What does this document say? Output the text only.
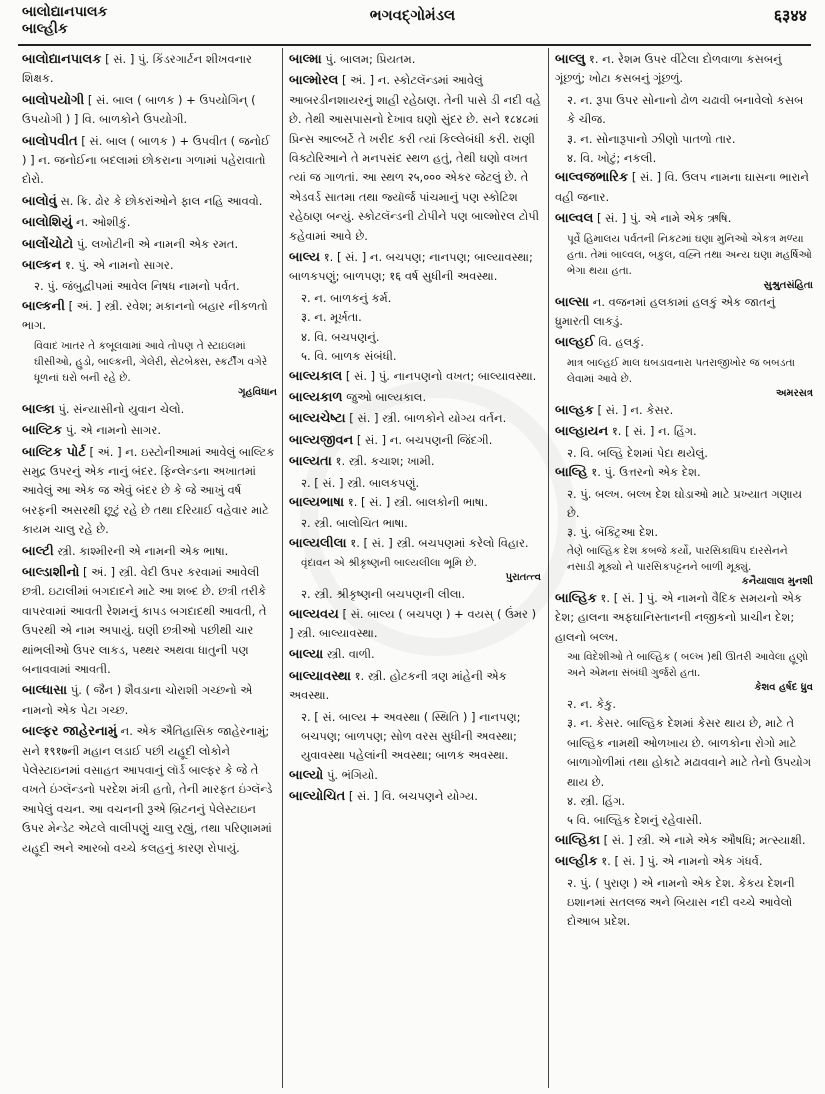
બાલોદ્યાનપાલક
બાલ્હીક
ભગવદ્ગોમંડલ	६३४४
બાલોદ્યાનપાલક [ સં. ] પું. કિંડરગાર્ટન શીખવનાર શિક્ષક.
બાલોપયોગી [ સં. બાલ ( બાળક ) + ઉપયોગિન્ ( ઉપયોગી ) ] વિ. બાળકોને ઉપયોગી.
બાલોપવીત [ સં. બાલ ( બાળક ) + ઉપવીત ( જનોઈ ) ] ન. જનોઈના બદલામાં છોકરાના ગળામાં પહેરાવાતો દોરો.
બાલોવું સ. ક્રિ. ઢોર કે છોકરાંઓને ફાલ નહિ આવવો.
બાલોશિયું ન. ઓશીકું.
બાલોંચોટો પું. લખોટીની એ નામની એક રમત.
બાલ્કન १. પું. એ નામનો સાગર.
२. પું. જંબુદ્વીપમાં આવેલ નિષધ નામનો પર્વત.
બાલ્કની [ અં. ] સ્ત્રી. રવેશ; મકાનનો બહાર નીકળતો ભાગ.
વિવાદ ખાતર તે કબૂલવામાં આવે તોપણ તે સ્ટાઇલમાં ઘીસીઓ, હુડો, બાલ્કની, ગેલેરી, સેટબેક્સ, સ્કર્ટીંગ વગેરે ધૂળનાં ઘરો બની રહે છે.
ગૃહવિધાન
બાલ્કા પું. સંન્યાસીનો યુવાન ચેલો.
બાલ્ટિક પું. એ નામનો સાગર.
બાલ્ટિક પોર્ટ [ અં. ] ન. ઇસ્ટોનીઆમાં આવેલું બાલ્ટિક સમુદ્ર ઉપરનું એક નાનું બંદર. ફિન્લેન્ડના અખાતમાં આવેલું આ એક જ એવું બંદર છે કે જે આખું વર્ષ બરફની અસરથી છૂટું રહે છે તથા દરિયાઈ વહેવાર માટે કાયમ ચાલુ રહે છે.
બાલ્ટી સ્ત્રી. કાશ્મીરની એ નામની એક ભાષા.
બાલ્ડાશીનો [ અં. ] સ્ત્રી. વેદી ઉપર કરવામાં આવેલી છત્રી. ઇટાલીમાં બગદાદને માટે આ શબ્દ છે. છત્રી તરીકે વાપરવામાં આવતી રેશમનું કાપડ બગદાદથી આવતી, તે ઉપરથી એ નામ અપાયું. ઘણી છત્રીઓ પછીથી ચાર થાંભલીઓ ઉપર લાકડ, પથ્થર અથવા ધાતુની પણ બનાવવામાં આવતી.
બાલ્ધાસા પું. ( જૈન ) શૈવડાના ચોરાશી ગચ્છનો એ નામનો એક પેટા ગચ્છ.
બાલ્ફર જાહેરનામું ન. એક ઐતિહાસિક જાહેરનામું; સને १९१७ની મહાન લડાઈ પછી યહૂદી લોકોને પેલેસ્ટાઇનમાં વસાહત આપવાનું લૉર્ડ બાલ્ફર કે જે તે વખતે ઇંગ્લૅન્ડનો પરદેશ મંત્રી હતો, તેની મારફત ઇંગ્લૅન્ડે આપેલું વચન. આ વચનની રૂએ બ્રિટનનું પેલેસ્ટાઇન ઉપર મેન્ડેટ એટલે વાલીપણું ચાલુ રહ્યું, તથા પરિણામમાં યહૂદી અને આરબો વચ્ચે કલહનું કારણ રોપાયું.
બાલ્મા પું. બાલમ; પ્રિયતમ.
બાલ્મોરલ [ અં. ] ન. સ્કોટલૅન્ડમાં આવેલું આબરડીનશાયરનું શાહી રહેઠાણ. તેની પાસે ડી નદી વહે છે. તેથી આસપાસનો દેખાવ ઘણો સુંદર છે. સને १८४८માં પ્રિન્સ આલ્બર્ટે તે ખરીદ કરી ત્યાં કિલ્લેબંધી કરી. રાણી વિક્ટોરિઆને તે મનપસંદ સ્થળ હતું, તેથી ઘણો વખત ત્યાં જ ગાળતાં. આ સ્થળ २५,००० એકર જેટલું છે. તે એડવર્ડ સાતમા તથા જ્યૉર્જ પાંચમાનું પણ સ્કોટિશ રહેઠાણ બન્યું. સ્કોટલૅન્ડની ટોપીને પણ બાલ્મોરલ ટોપી કહેવામાં આવે છે.
બાલ્ય १. [ સં. ] ન. બચપણ; નાનપણ; બાલ્યાવસ્થા; બાળકપણું; બાળપણ; १६ વર્ષ સુધીની અવસ્થા.
२. ન. બાળકનું કર્મ.
३. ન. મૂર્ખતા.
४. વિ. બચપણનું.
५. વિ. બાળક સંબંધી.
બાલ્યકાલ [ સં. ] પું. નાનપણનો વખત; બાલ્યાવસ્થા.
બાલ્યકાળ જુઓ બાલ્યકાલ.
બાલ્યચેષ્ટા [ સં. ] સ્ત્રી. બાળકોને યોગ્ય વર્તન.
બાલ્યજીવન [ સં. ] ન. બચપણની જિંદગી.
બાલ્યતા १. સ્ત્રી. કચાશ; ખામી.
२. [ સં. ] સ્ત્રી. બાલકપણું.
બાલ્યભાષા १. [ સં. ] સ્ત્રી. બાલકોની ભાષા.
२. સ્ત્રી. બાલોચિત ભાષા.
બાલ્યલીલા १. [ સં. ] સ્ત્રી. બચપણમાં કરેલો વિહાર.
વૃંદાવન એ શ્રીકૃષ્ણની બાલ્યલીલા ભૂમિ છે.
પુરાતત્ત્વ
२. સ્ત્રી. શ્રીકૃષ્ણની બચપણની લીલા.
બાલ્યવય [ સં. બાલ્ય ( બચપણ ) + વયસ્ ( ઉંમર ) ] સ્ત્રી. બાલ્યાવસ્થા.
બાલ્યા સ્ત્રી. વાળી.
બાલ્યાવસ્થા १. સ્ત્રી. હોટકની ત્રણ માંહેની એક અવસ્થા.
२. [ સં. બાલ્ય + અવસ્થા ( સ્થિતિ ) ] નાનપણ; બચપણ; બાળપણ; સોળ વરસ સુધીની અવસ્થા; યુવાવસ્થા પહેલાંની અવસ્થા; બાળક અવસ્થા.
બાલ્યો પું. ભંગિયો.
બાલ્યોચિત [ સં. ] વિ. બચપણને યોગ્ય.
બાલ્લુ १. ન. રેશમ ઉપર વીંટેલા દોળવાળા કસબનું ગૂંછળું; ખોટા કસબનું ગૂંછળું.
२. ન. રૂપા ઉપર સોનાનો ઢોળ ચઢાવી બનાવેલો કસબ કે ચીજ.
३. ન. સોનારૂપાનો ઝીણો પાતળો તાર.
४. વિ. ખોટું; નકલી.
બાલ્વજભારિક [ સં. ] વિ. ઉલપ નામના ઘાસના ભારાને વહી જનાર.
બાલ્વલ [ સં. ] પું. એ નામે એક ઋષિ.
પૂર્વે હિમાલય પર્વતની નિકટમાં ઘણા મુનિઓ એકત્ર મળ્યા હતા. તેમાં બાલ્વલ, બકુલ, વહ્નિ તથા અન્ય ઘણા મહર્ષિઓ ભેગા થયા હતા.
સુશ્રુતસંહિતા
બાલ્સા ન. વજનમાં હલકામાં હલકું એક જાતનું ધ્રુમારતી લાકડું.
બાલ્હઈ વિ. હલકું.
માત્ર બાલ્હઈ માલ ઘબડાવનારા પતરાજીખોર જ બબડતા લેવામાં આવે છે.
અમરસત્ર
બાલ્હક [ સં. ] ન. કેસર.
બાલ્હાયન १. [ સં. ] ન. હિંગ.
२. વિ. બલ્હિ દેશમાં પેદા થયેલું.
બાલ્હિ १. પું. ઉત્તરનો એક દેશ.
२. પું. બલ્ખ. બલ્ખ દેશ ઘોડાઓ માટે પ્રખ્યાત ગણાય છે.
३. પું. બૅક્ટ્રિઆ દેશ.
તેણે બાલ્હિક દેશ કબજે કર્યો, પારસિકાધિપ દારસેનને નસાડી મૂક્યો ને પારસિકપટ્ટનને બાળી મૂક્યું.
કનૈયાલાલ મુનશી
બાલ્હિક १. [ સં. ] પું. એ નામનો વૈદિક સમયનો એક દેશ; હાલના અફઘાનિસ્તાનની નજીકનો પ્રાચીન દેશ; હાલનો બલ્ખ.
આ વિદેશીઓ તે બાલ્હિક ( બલ્ખ )થી ઊતરી આવેલા હૂણો અને એમના સંબંધી ગુર્જરો હતા.
કેશવ હર્ષદ ધ્રુવ
२. ન. કેકુ.
३. ન. કેસર. બાલ્હિક દેશમાં કેસર થાય છે, માટે તે બાલ્હિક નામથી ઓળખાય છે. બાળકોના રોગો માટે બાળાગોળીમાં તથા હોકાટે મઢાવવાને માટે તેનો ઉપયોગ થાય છે.
४. સ્ત્રી. હિંગ.
५ વિ. બાલ્હિક દેશનું રહેવાસી.
બાલ્હિકા [ સં. ] સ્ત્રી. એ નામે એક ઔષધિ; મત્સ્યાક્ષી.
બાલ્હીક १. [ સં. ] પું. એ નામનો એક ગંધર્વ.
२. પું. ( પુરાણ ) એ નામનો એક દેશ. કેકય દેશની ઇશાનમાં સતલજ અને બિયાસ નદી વચ્ચે આવેલો દોઆબ પ્રદેશ.
